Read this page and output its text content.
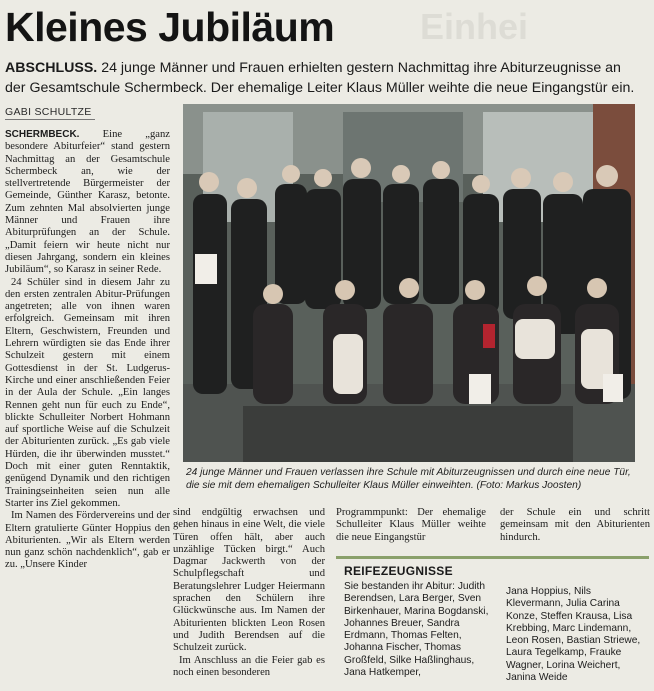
Einhei
Kleines Jubiläum
ABSCHLUSS. 24 junge Männer und Frauen erhielten gestern Nachmittag ihre Abiturzeugnisse an der Gesamtschule Schermbeck. Der ehemalige Leiter Klaus Müller weihte die neue Eingangstür ein.
GABI SCHULTZE

SCHERMBECK. Eine „ganz besondere Abiturfeier“ stand gestern Nachmittag an der Gesamtschule Schermbeck an, wie der stellvertretende Bürgermeister der Gemeinde, Günther Karasz, betonte. Zum zehnten Mal absolvierten junge Männer und Frauen ihre Abiturprüfungen an der Schule. „Damit feiern wir heute nicht nur diesen Jahrgang, sondern ein kleines Jubiläum“, so Karasz in seiner Rede.

24 Schüler sind in diesem Jahr zu den ersten zentralen Abitur-Prüfungen angetreten; alle von ihnen waren erfolgreich. Gemeinsam mit ihren Eltern, Geschwistern, Freunden und Lehrern würdigten sie das Ende ihrer Schulzeit gestern mit einem Gottesdienst in der St. Ludgerus-Kirche und einer anschließenden Feier in der Aula der Schule. „Ein langes Rennen geht nun für euch zu Ende“, blickte Schulleiter Norbert Hohmann auf sportliche Weise auf die Schulzeit der Abiturienten zurück. „Es gab viele Hürden, die ihr überwinden musstet.“ Doch mit einer guten Renntaktik, genügend Dynamik und den richtigen Trainingseinheiten seien nun alle Starter ins Ziel gekommen.

Im Namen des Fördervereins und der Eltern gratulierte Günter Hoppius den Abiturienten. „Wir als Eltern werden nun ganz schön nachdenklich“, gab er zu. „Unsere Kinder

24 junge Männer und Frauen verlassen ihre Schule mit Abiturzeugnissen und durch eine neue Tür, die sie mit dem ehemaligen Schulleiter Klaus Müller einweihten. (Foto: Markus Joosten)

sind endgültig erwachsen und gehen hinaus in eine Welt, die viele Türen offen hält, aber auch unzählige Tücken birgt.“ Auch Dagmar Jackwerth von der Schulpflegschaft und Beratungslehrer Ludger Heiermann sprachen den Schülern ihre Glückwünsche aus. Im Namen der Abiturienten blickten Leon Rosen und Judith Berendsen auf die Schulzeit zurück.

Im Anschluss an die Feier gab es noch einen besonderen

Programmpunkt: Der ehemalige Schulleiter Klaus Müller weihte die neue Eingangstür

der Schule ein und schritt gemeinsam mit den Abiturienten hindurch.

REIFEZEUGNISSE

Sie bestanden ihr Abitur: Judith Berendsen, Lara Berger, Sven Birkenhauer, Marina Bogdanski, Johannes Breuer, Sandra Erdmann, Thomas Felten, Johanna Fischer, Thomas Großfeld, Silke Haßlinghaus, Jana Hatkemper,

Jana Hoppius, Nils Klevermann, Julia Carina Konze, Steffen Krausa, Lisa Krebbing, Marc Lindemann, Leon Rosen, Bastian Striewe, Laura Tegelkamp, Frauke Wagner, Lorina Weichert, Janina Weide
